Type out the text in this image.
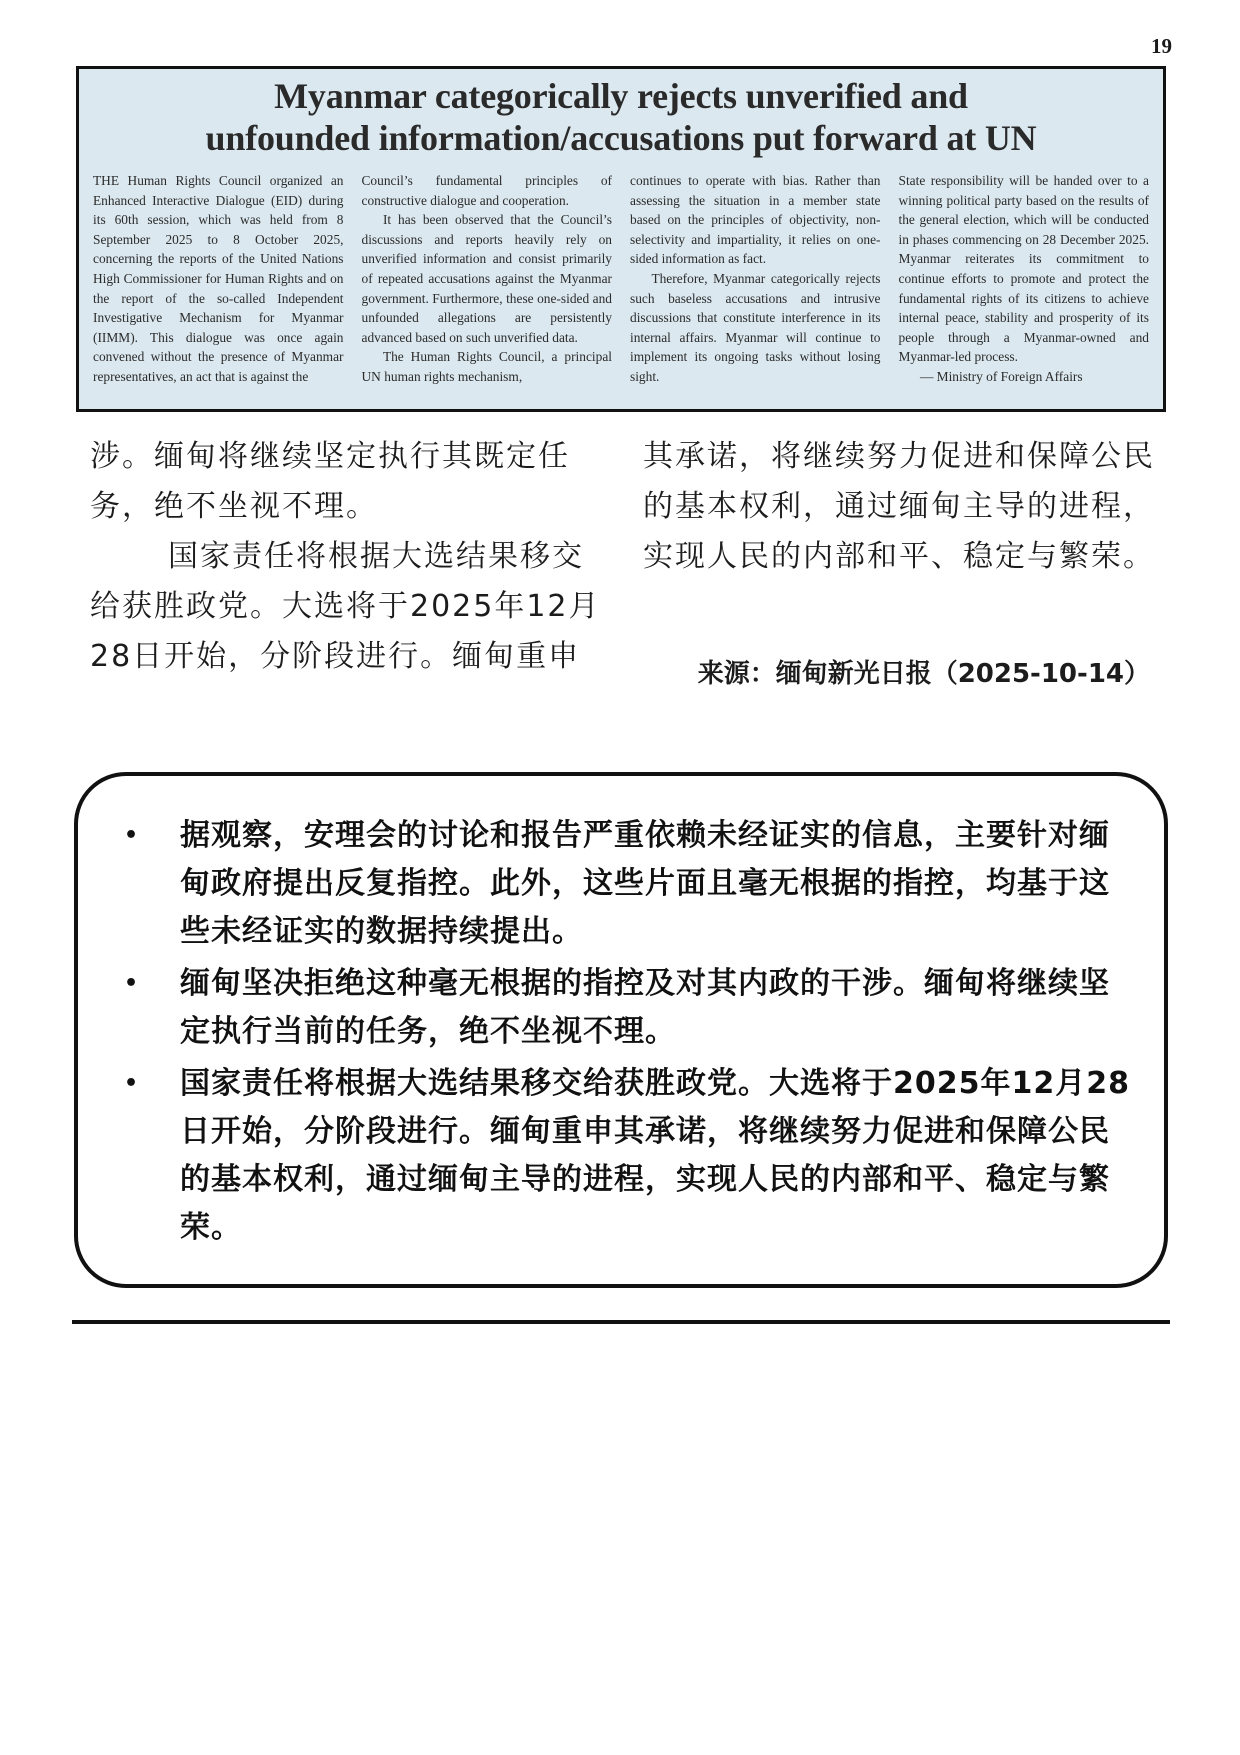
19
Myanmar categorically rejects unverified and
unfounded information/accusations put forward at UN

THE Human Rights Council organized an Enhanced Interactive Dialogue (EID) during its 60th session, which was held from 8 September 2025 to 8 October 2025, concerning the reports of the United Nations High Commissioner for Human Rights and on the report of the so-called Independent Investigative Mechanism for Myanmar (IIMM). This dialogue was once again convened without the presence of Myanmar representatives, an act that is against the

Council’s fundamental principles of constructive dialogue and cooperation.

It has been observed that the Council’s discussions and reports heavily rely on unverified information and consist primarily of repeated accusations against the Myanmar government. Furthermore, these one-sided and unfounded allegations are persistently advanced based on such unverified data.

The Human Rights Council, a principal UN human rights mechanism,

continues to operate with bias. Rather than assessing the situation in a member state based on the principles of objectivity, non-selectivity and impartiality, it relies on one-sided information as fact.

Therefore, Myanmar categorically rejects such baseless accusations and intrusive discussions that constitute interference in its internal affairs. Myanmar will continue to implement its ongoing tasks without losing sight.

State responsibility will be handed over to a winning political party based on the results of the general election, which will be conducted in phases commencing on 28 December 2025. Myanmar reiterates its commitment to continue efforts to promote and protect the fundamental rights of its citizens to achieve internal peace, stability and prosperity of its people through a Myanmar-owned and Myanmar-led process.

— Ministry of Foreign Affairs

涉。缅甸将继续坚定执行其既定任务，绝不坐视不理。

国家责任将根据大选结果移交给获胜政党。大选将于2025年12月28日开始，分阶段进行。缅甸重申

其承诺，将继续努力促进和保障公民的基本权利，通过缅甸主导的进程，实现人民的内部和平、稳定与繁荣。

来源：缅甸新光日报（2025-10-14）
• 据观察，安理会的讨论和报告严重依赖未经证实的信息，主要针对缅甸政府提出反复指控。此外，这些片面且毫无根据的指控，均基于这些未经证实的数据持续提出。
• 缅甸坚决拒绝这种毫无根据的指控及对其内政的干涉。缅甸将继续坚定执行当前的任务，绝不坐视不理。
• 国家责任将根据大选结果移交给获胜政党。大选将于2025年12月28日开始，分阶段进行。缅甸重申其承诺，将继续努力促进和保障公民的基本权利，通过缅甸主导的进程，实现人民的内部和平、稳定与繁荣。
